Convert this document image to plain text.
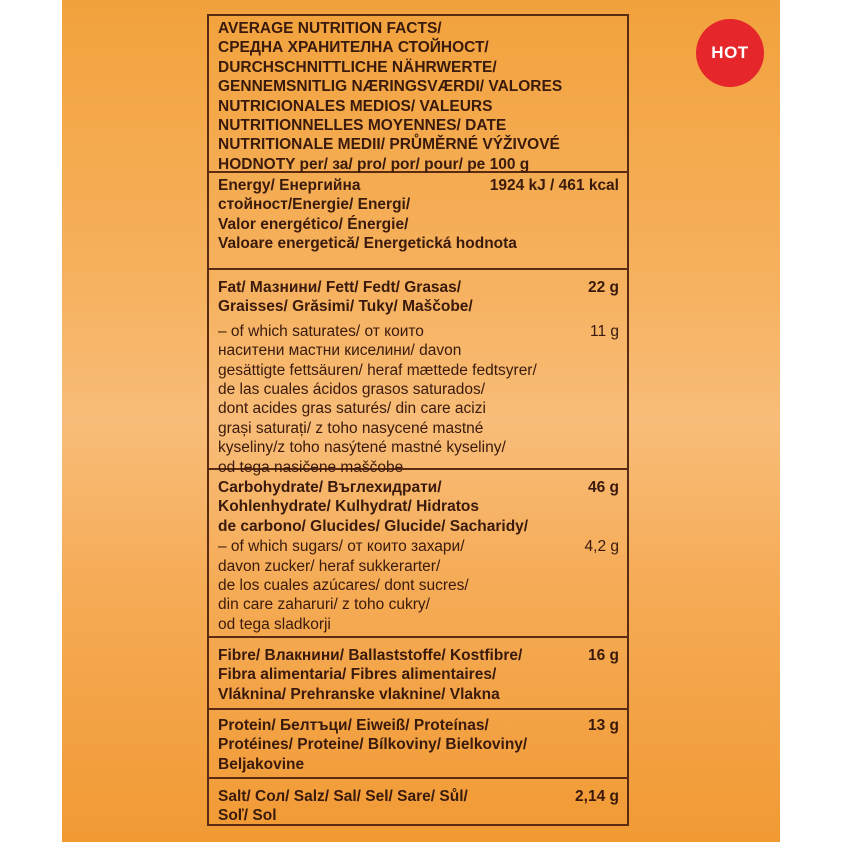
HOT
AVERAGE NUTRITION FACTS/
СРЕДНА ХРАНИТЕЛНА СТОЙНОСТ/
DURCHSCHNITTLICHE NÄHRWERTE/
GENNEMSNITLIG NÆRINGSVÆRDI/ VALORES
NUTRICIONALES MEDIOS/ VALEURS
NUTRITIONNELLES MOYENNES/ DATE
NUTRITIONALE MEDII/ PRŮMĚRNÉ VÝŽIVOVÉ
HODNOTY per/ за/ pro/ por/ pour/ pe 100 g
Energy/ Енергийна	1924 kJ / 461 kcal
стойност/Energie/ Energi/
Valor energético/ Énergie/
Valoare energetică/ Energetická hodnota
Fat/ Мазнини/ Fett/ Fedt/ Grasas/	22 g
Graisses/ Grăsimi/ Tuky/ Maščobe/
– of which saturates/ от които	11 g
наситени мастни киселини/ davon
gesättigte fettsäuren/ heraf mættede fedtsyrer/
de las cuales ácidos grasos saturados/
dont acides gras saturés/ din care acizi
grași saturați/ z toho nasycené mastné
kyseliny/z toho nasýtené mastné kyseliny/
od tega nasičene maščobe
Carbohydrate/ Въглехидрати/	46 g
Kohlenhydrate/ Kulhydrat/ Hidratos
de carbono/ Glucides/ Glucide/ Sacharidy/
– of which sugars/ от които захари/	4,2 g
davon zucker/ heraf sukkerarter/
de los cuales azúcares/ dont sucres/
din care zaharuri/ z toho cukry/
od tega sladkorji
Fibre/ Влакнини/ Ballaststoffe/ Kostfibre/	16 g
Fibra alimentaria/ Fibres alimentaires/
Vláknina/ Prehranske vlaknine/ Vlakna
Protein/ Белтъци/ Eiweiß/ Proteínas/	13 g
Protéines/ Proteine/ Bílkoviny/ Bielkoviny/
Beljakovine
Salt/ Сол/ Salz/ Sal/ Sel/ Sare/ Sůl/	2,14 g
Soľ/ Sol
